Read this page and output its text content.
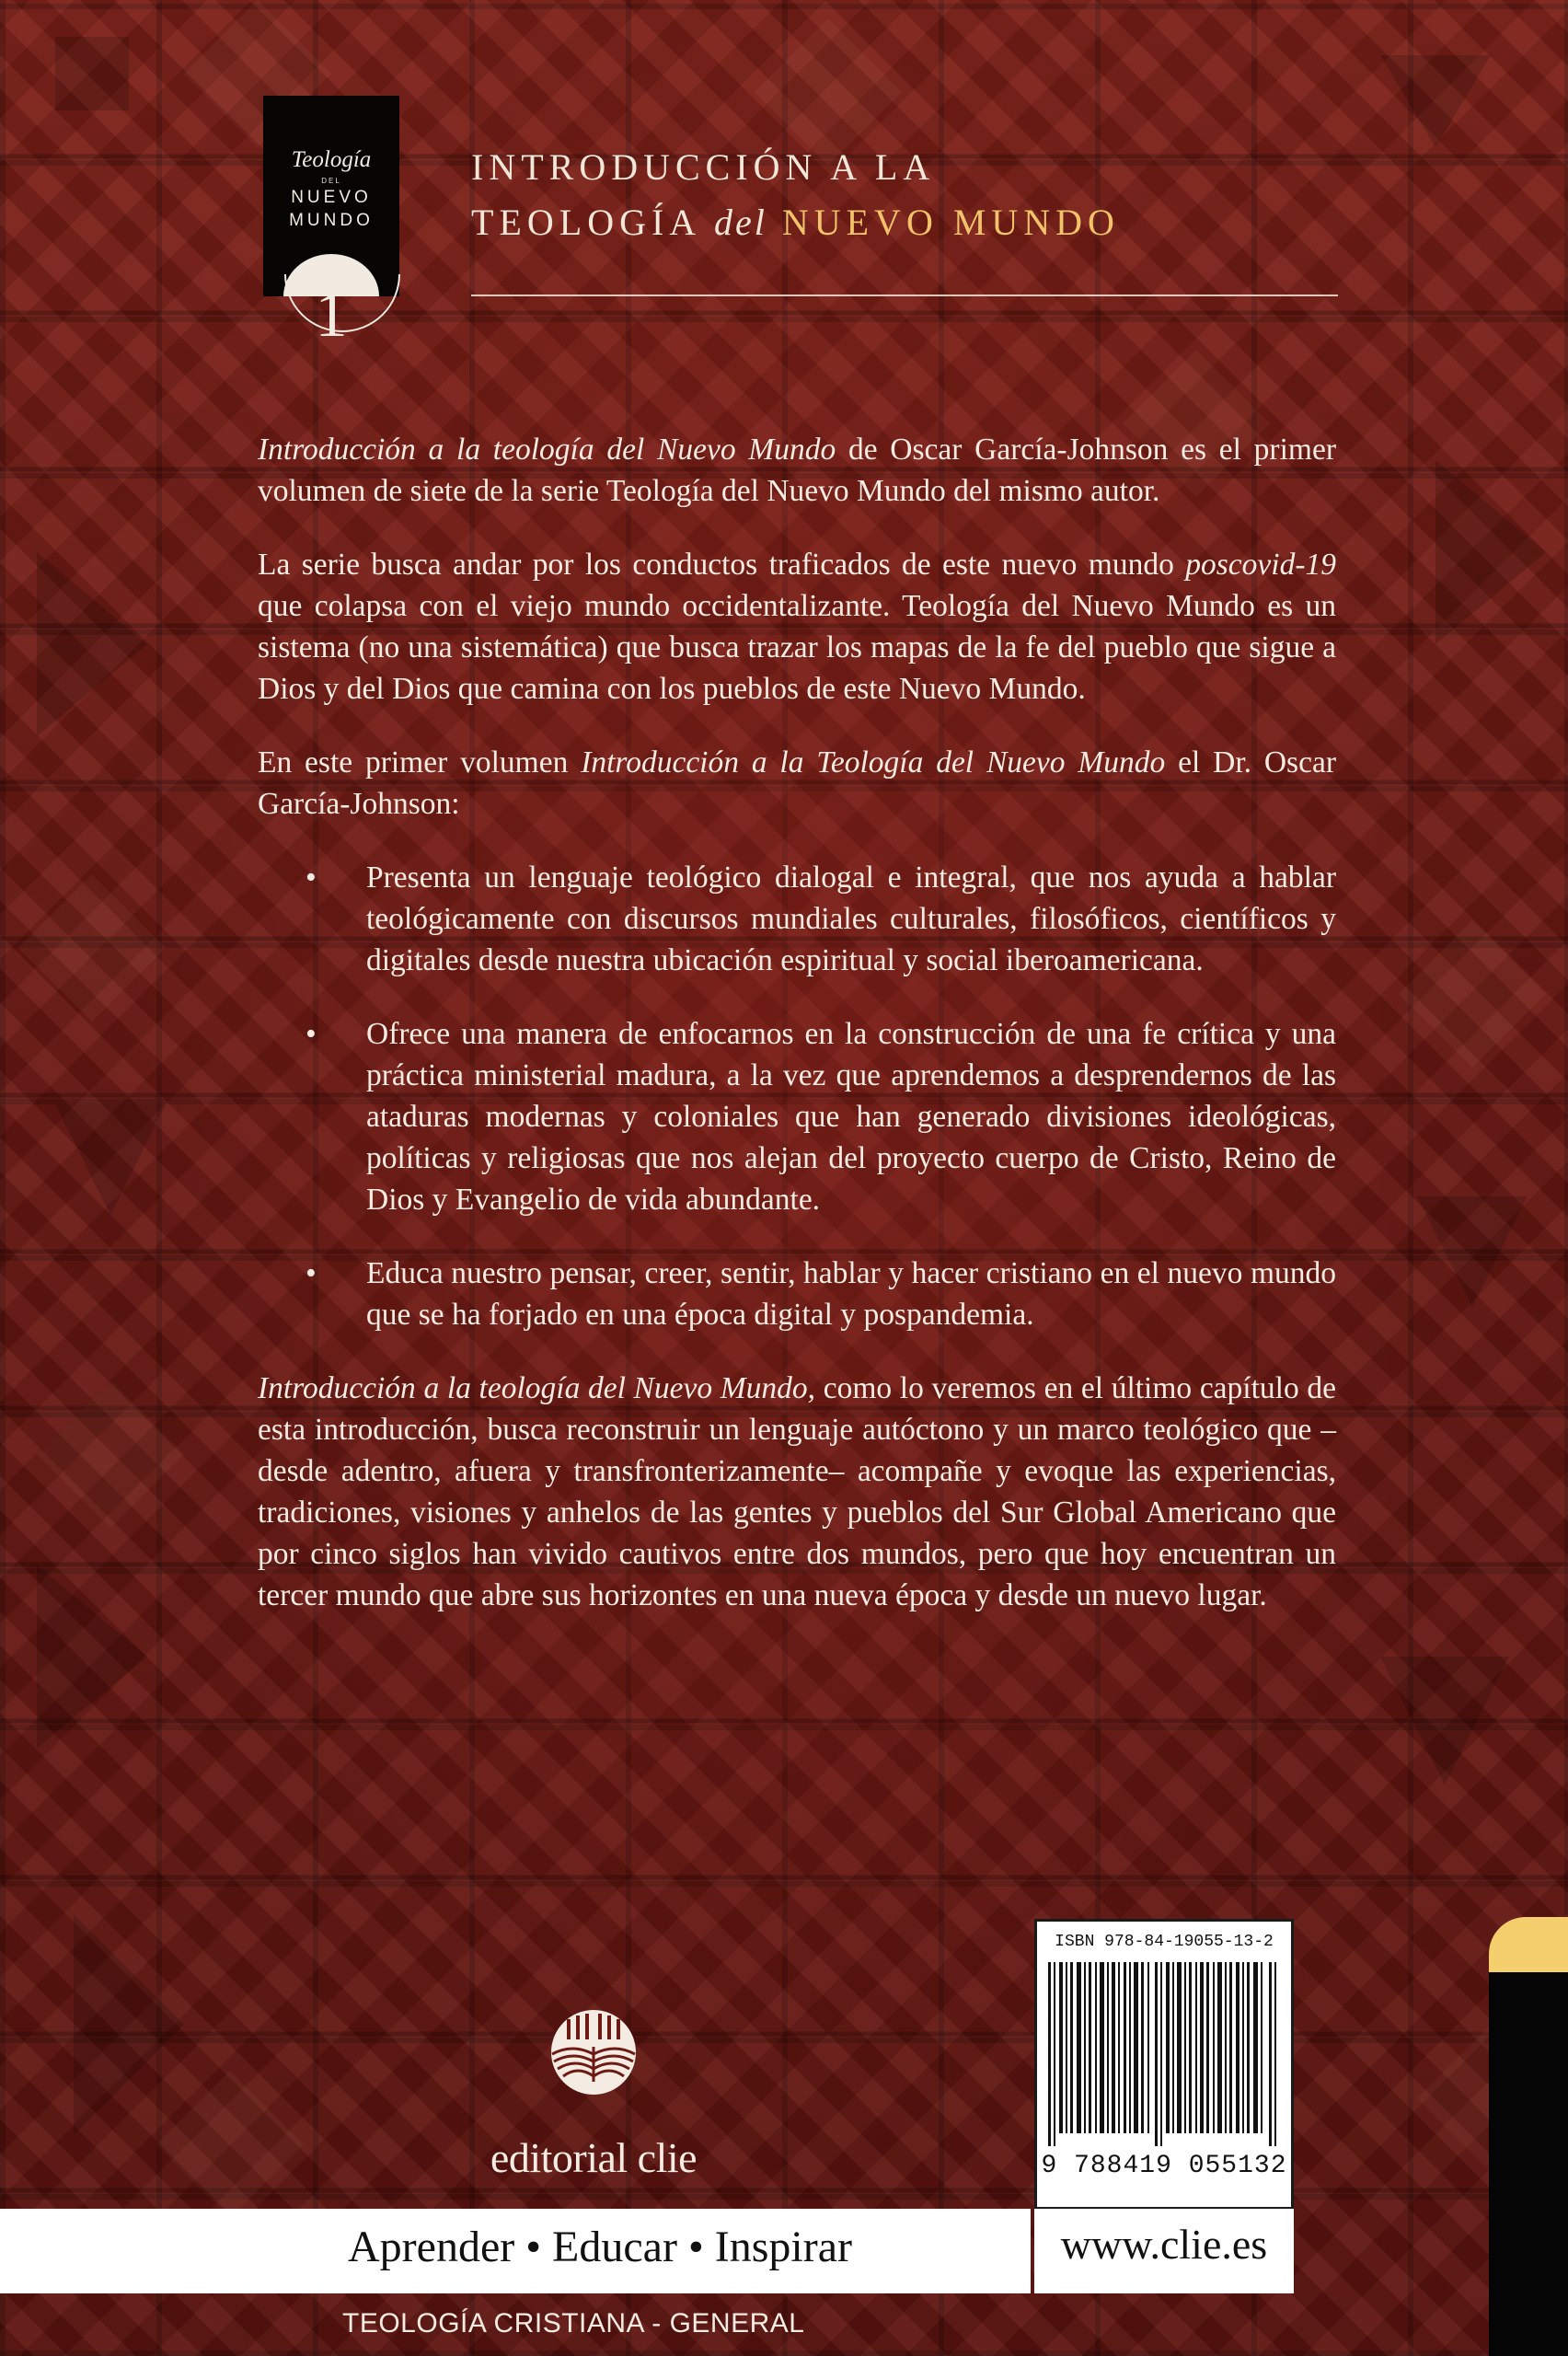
Teología
DEL
NUEVO
MUNDO
1
INTRODUCCIÓN A LA
TEOLOGÍA del NUEVO MUNDO

Introducción a la teología del Nuevo Mundo de Oscar García-Johnson es el primer volumen de siete de la serie Teología del Nuevo Mundo del mismo autor.

La serie busca andar por los conductos traficados de este nuevo mundo poscovid-19 que colapsa con el viejo mundo occidentalizante. Teología del Nuevo Mundo es un sistema (no una sistemática) que busca trazar los mapas de la fe del pueblo que sigue a Dios y del Dios que camina con los pueblos de este Nuevo Mundo.

En este primer volumen Introducción a la Teología del Nuevo Mundo el Dr. Oscar García-Johnson:

• Presenta un lenguaje teológico dialogal e integral, que nos ayuda a hablar teológicamente con discursos mundiales culturales, filosóficos, científicos y digitales desde nuestra ubicación espiritual y social iberoamericana.
• Ofrece una manera de enfocarnos en la construcción de una fe crítica y una práctica ministerial madura, a la vez que aprendemos a desprendernos de las ataduras modernas y coloniales que han generado divisiones ideológicas, políticas y religiosas que nos alejan del proyecto cuerpo de Cristo, Reino de Dios y Evangelio de vida abundante.
• Educa nuestro pensar, creer, sentir, hablar y hacer cristiano en el nuevo mundo que se ha forjado en una época digital y pospandemia.

Introducción a la teología del Nuevo Mundo, como lo veremos en el último capítulo de esta introducción, busca reconstruir un lenguaje autóctono y un marco teológico que –desde adentro, afuera y transfronterizamente– acompañe y evoque las experiencias, tradiciones, visiones y anhelos de las gentes y pueblos del Sur Global Americano que por cinco siglos han vivido cautivos entre dos mundos, pero que hoy encuentran un tercer mundo que abre sus horizontes en una nueva época y desde un nuevo lugar.

editorial clie
Aprender • Educar • Inspirar
TEOLOGÍA CRISTIANA - GENERAL
ISBN 978-84-19055-13-2
9 788419 055132
www.clie.es
